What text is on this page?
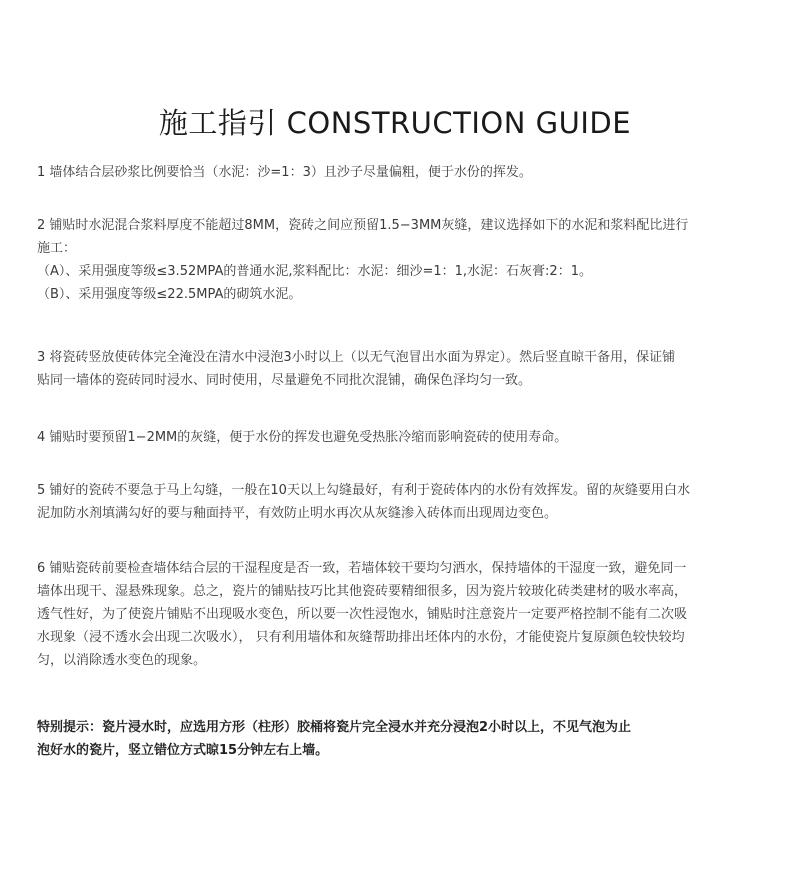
施工指引 CONSTRUCTION GUIDE

1 墙体结合层砂浆比例要恰当（水泥：沙=1：3）且沙子尽量偏粗，便于水份的挥发。

2 铺贴时水泥混合浆料厚度不能超过8MM，瓷砖之间应预留1.5−3MM灰缝，建议选择如下的水泥和浆料配比进行
施工：
（A）、采用强度等级≤3.52MPA的普通水泥,浆料配比：水泥：细沙=1：1,水泥：石灰膏:2：1。
（B）、采用强度等级≤22.5MPA的砌筑水泥。

3 将瓷砖竖放使砖体完全淹没在清水中浸泡3小时以上（以无气泡冒出水面为界定）。然后竖直晾干备用，保证铺
贴同一墙体的瓷砖同时浸水、同时使用，尽量避免不同批次混铺，确保色泽均匀一致。

4 铺贴时要预留1−2MM的灰缝，便于水份的挥发也避免受热胀冷缩而影响瓷砖的使用寿命。

5 铺好的瓷砖不要急于马上勾缝，一般在10天以上勾缝最好，有利于瓷砖体内的水份有效挥发。留的灰缝要用白水
泥加防水剂填满勾好的要与釉面持平，有效防止明水再次从灰缝渗入砖体而出现周边变色。

6 铺贴瓷砖前要检查墙体结合层的干湿程度是否一致，若墙体较干要均匀洒水，保持墙体的干湿度一致，避免同一
墙体出现干、湿悬殊现象。总之，瓷片的铺贴技巧比其他瓷砖要精细很多，因为瓷片较玻化砖类建材的吸水率高，
透气性好，为了使瓷片铺贴不出现吸水变色，所以要一次性浸饱水，铺贴时注意瓷片一定要严格控制不能有二次吸
水现象（浸不透水会出现二次吸水）， 只有利用墙体和灰缝帮助排出坯体内的水份，才能使瓷片复原颜色较快较均
匀，以消除透水变色的现象。

特别提示：瓷片浸水时，应选用方形（柱形）胶桶将瓷片完全浸水并充分浸泡2小时以上，不见气泡为止
泡好水的瓷片，竖立错位方式晾15分钟左右上墙。
